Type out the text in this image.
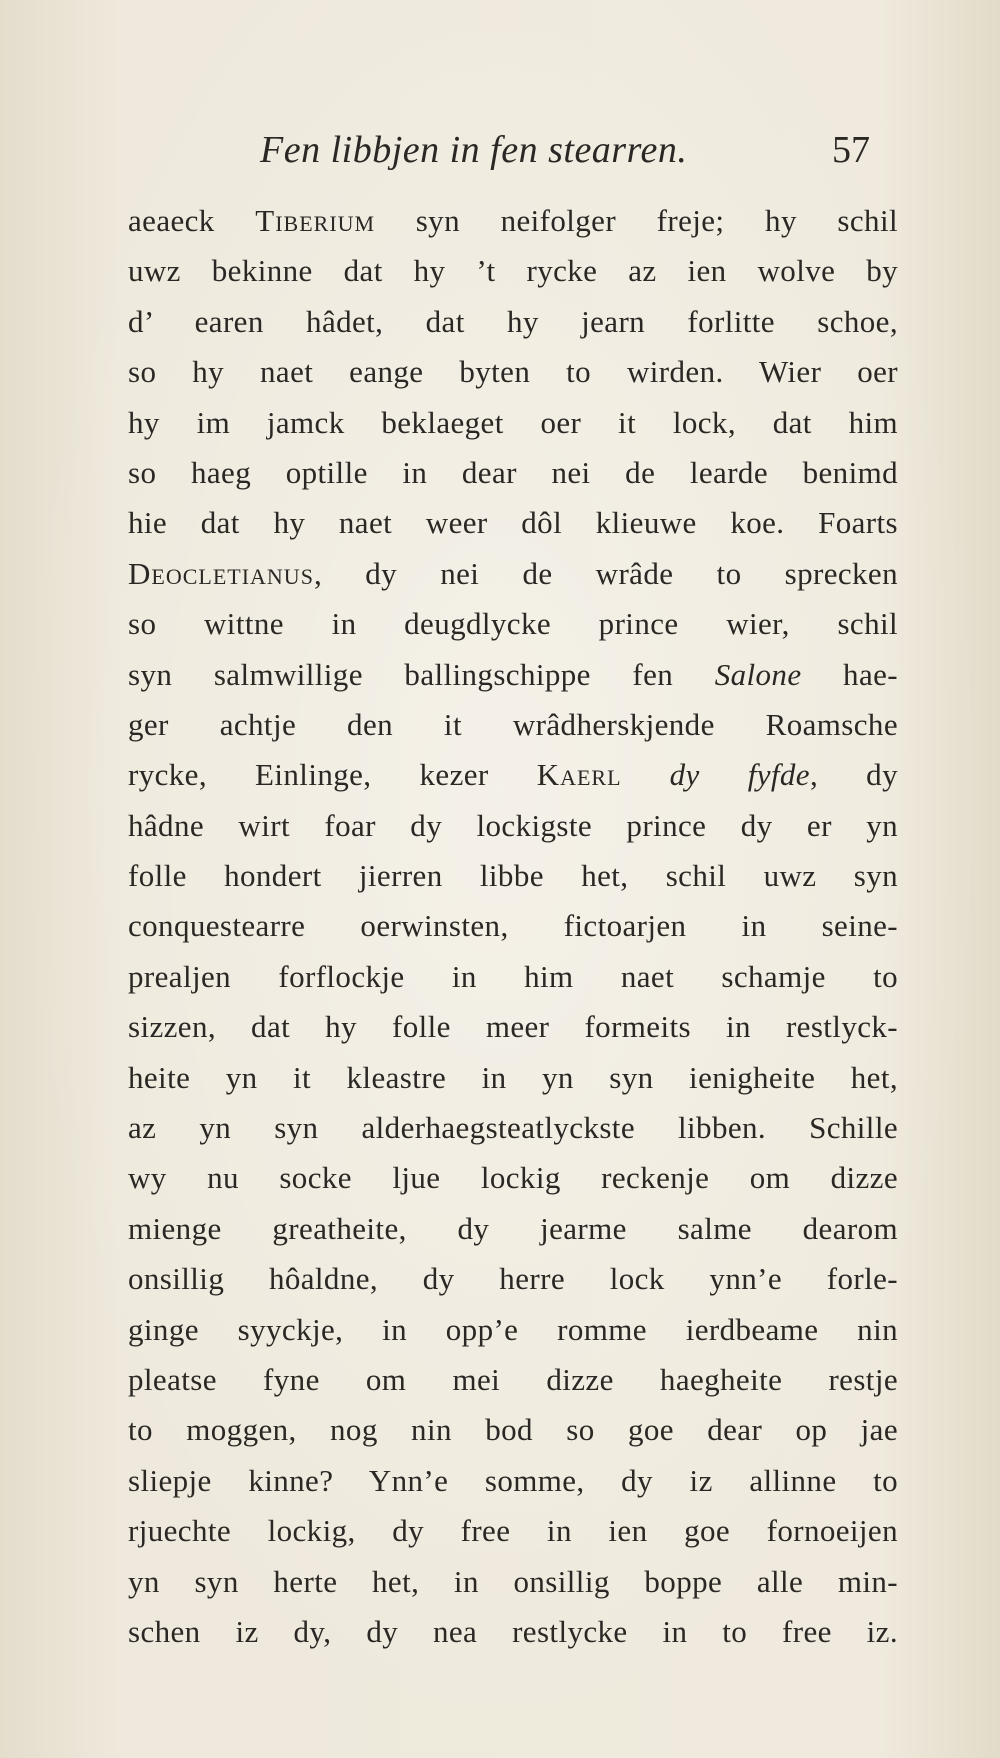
Fen libbjen in fen stearren.	57
aeaeck Tiberium syn neifolger freje; hy schil
uwz bekinne dat hy ’t rycke az ien wolve by
d’ earen hâdet, dat hy jearn forlitte schoe,
so hy naet eange byten to wirden. Wier oer
hy im jamck beklaeget oer it lock, dat him
so haeg optille in dear nei de learde benimd
hie dat hy naet weer dôl klieuwe koe. Foarts
Deocletianus, dy nei de wrâde to sprecken
so wittne in deugdlycke prince wier, schil
syn salmwillige ballingschippe fen Salone hae-
ger achtje den it wrâdherskjende Roamsche
rycke, Einlinge, kezer Kaerl dy fyfde, dy
hâdne wirt foar dy lockigste prince dy er yn
folle hondert jierren libbe het, schil uwz syn
conquestearre oerwinsten, fictoarjen in seine-
prealjen forflockje in him naet schamje to
sizzen, dat hy folle meer formeits in restlyck-
heite yn it kleastre in yn syn ienigheite het,
az yn syn alderhaegsteatlyckste libben. Schille
wy nu socke ljue lockig reckenje om dizze
mienge greatheite, dy jearme salme dearom
onsillig hôaldne, dy herre lock ynn’e forle-
ginge syyckje, in opp’e romme ierdbeame nin
pleatse fyne om mei dizze haegheite restje
to moggen, nog nin bod so goe dear op jae
sliepje kinne? Ynn’e somme, dy iz allinne to
rjuechte lockig, dy free in ien goe fornoeijen
yn syn herte het, in onsillig boppe alle min-
schen iz dy, dy nea restlycke in to free iz.
